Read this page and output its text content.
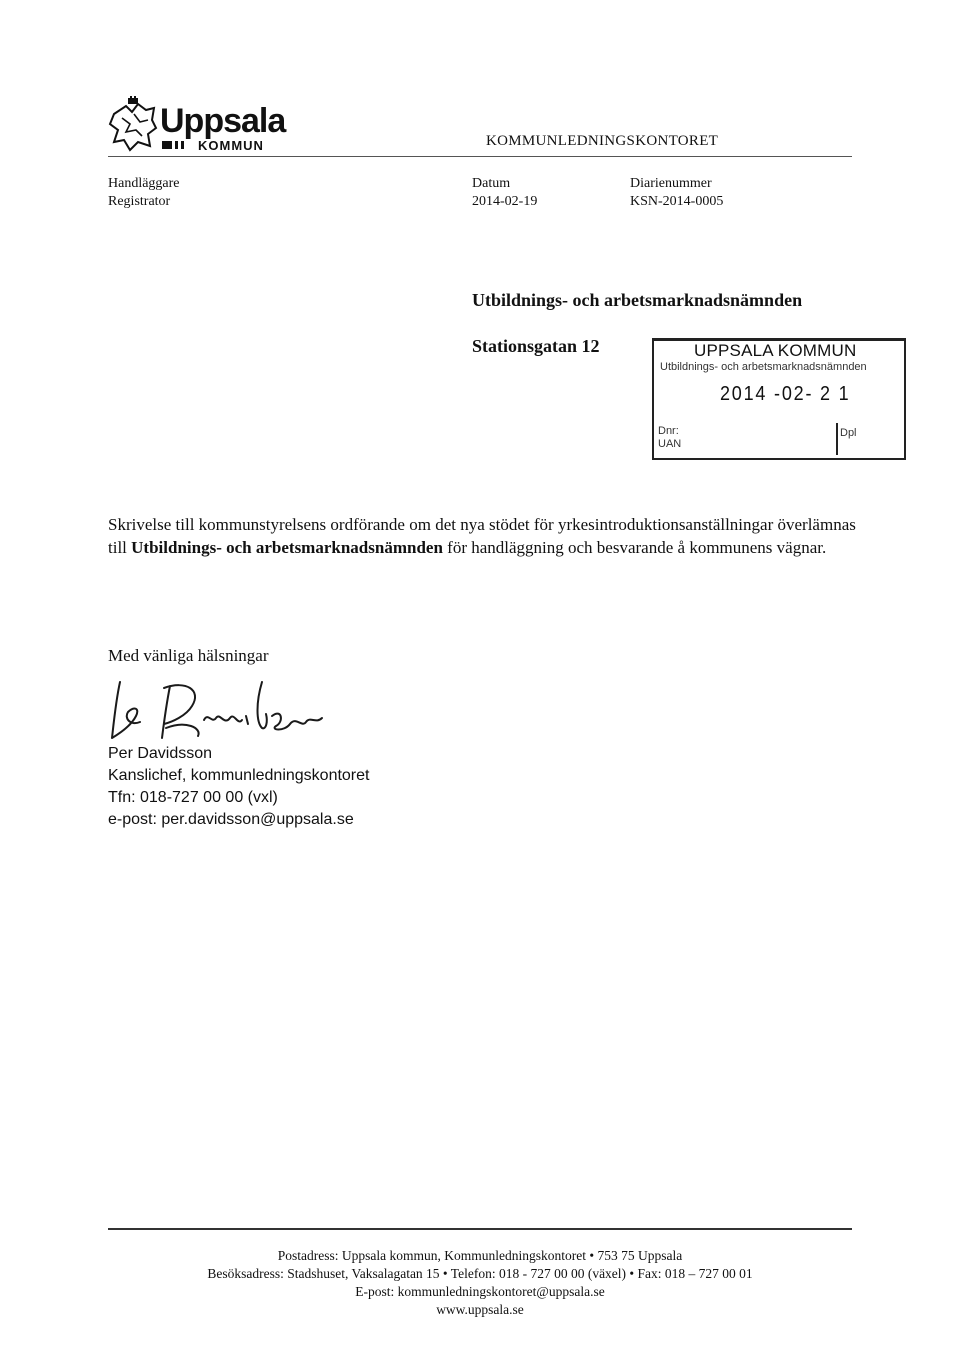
Uppsala
KOMMUN	KOMMUNLEDNINGSKONTORET
Handläggare
Registrator
Datum
2014-02-19
Diarienummer
KSN-2014-0005
Utbildnings- och arbetsmarknadsnämnden
Stationsgatan 12	UPPSALA KOMMUN
Utbildnings- och arbetsmarknadsnämnden
2014 -02- 2 1
Dnr:
UAN
Dpl
Skrivelse till kommunstyrelsens ordförande om det nya stödet för yrkesintroduktionsanställningar överlämnas till Utbildnings- och arbetsmarknadsnämnden för handläggning och besvarande å kommunens vägnar.
Med vänliga hälsningar
Per Davidsson
Kanslichef, kommunledningskontoret
Tfn: 018-727 00 00 (vxl)
e-post: per.davidsson@uppsala.se
Postadress: Uppsala kommun, Kommunledningskontoret • 753 75 Uppsala
Besöksadress: Stadshuset, Vaksalagatan 15 • Telefon: 018 - 727 00 00 (växel) • Fax: 018 – 727 00 01
E-post: kommunledningskontoret@uppsala.se
www.uppsala.se
